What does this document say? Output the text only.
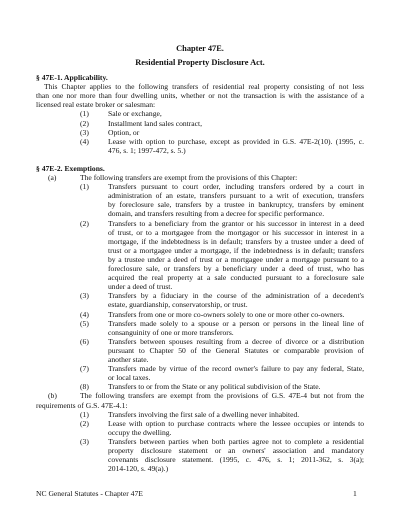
Chapter 47E.
Residential Property Disclosure Act.
§ 47E-1. Applicability.
This Chapter applies to the following transfers of residential real property consisting of not less
than one nor more than four dwelling units, whether or not the transaction is with the assistance of a
licensed real estate broker or salesman:
(1)	Sale or exchange,
(2)	Installment land sales contract,
(3)	Option, or
(4)	Lease with option to purchase, except as provided in G.S. 47E-2(10). (1995, c.
476, s. 1; 1997-472, s. 5.)
§ 47E-2. Exemptions.
(a)	The following transfers are exempt from the provisions of this Chapter:
(1)	Transfers pursuant to court order, including transfers ordered by a court in
administration of an estate, transfers pursuant to a writ of execution, transfers
by foreclosure sale, transfers by a trustee in bankruptcy, transfers by eminent
domain, and transfers resulting from a decree for specific performance.
(2)	Transfers to a beneficiary from the grantor or his successor in interest in a deed
of trust, or to a mortgagee from the mortgagor or his successor in interest in a
mortgage, if the indebtedness is in default; transfers by a trustee under a deed of
trust or a mortgagee under a mortgage, if the indebtedness is in default; transfers
by a trustee under a deed of trust or a mortgagee under a mortgage pursuant to a
foreclosure sale, or transfers by a beneficiary under a deed of trust, who has
acquired the real property at a sale conducted pursuant to a foreclosure sale
under a deed of trust.
(3)	Transfers by a fiduciary in the course of the administration of a decedent's
estate, guardianship, conservatorship, or trust.
(4)	Transfers from one or more co-owners solely to one or more other co-owners.
(5)	Transfers made solely to a spouse or a person or persons in the lineal line of
consanguinity of one or more transferors.
(6)	Transfers between spouses resulting from a decree of divorce or a distribution
pursuant to Chapter 50 of the General Statutes or comparable provision of
another state.
(7)	Transfers made by virtue of the record owner's failure to pay any federal, State,
or local taxes.
(8)	Transfers to or from the State or any political subdivision of the State.
(b)	The following transfers are exempt from the provisions of G.S. 47E-4 but not from the
requirements of G.S. 47E-4.1:
(1)	Transfers involving the first sale of a dwelling never inhabited.
(2)	Lease with option to purchase contracts where the lessee occupies or intends to
occupy the dwelling.
(3)	Transfers between parties when both parties agree not to complete a residential
property disclosure statement or an owners' association and mandatory
covenants disclosure statement. (1995, c. 476, s. 1; 2011-362, s. 3(a);
2014-120, s. 49(a).)
NC General Statutes - Chapter 47E	1
